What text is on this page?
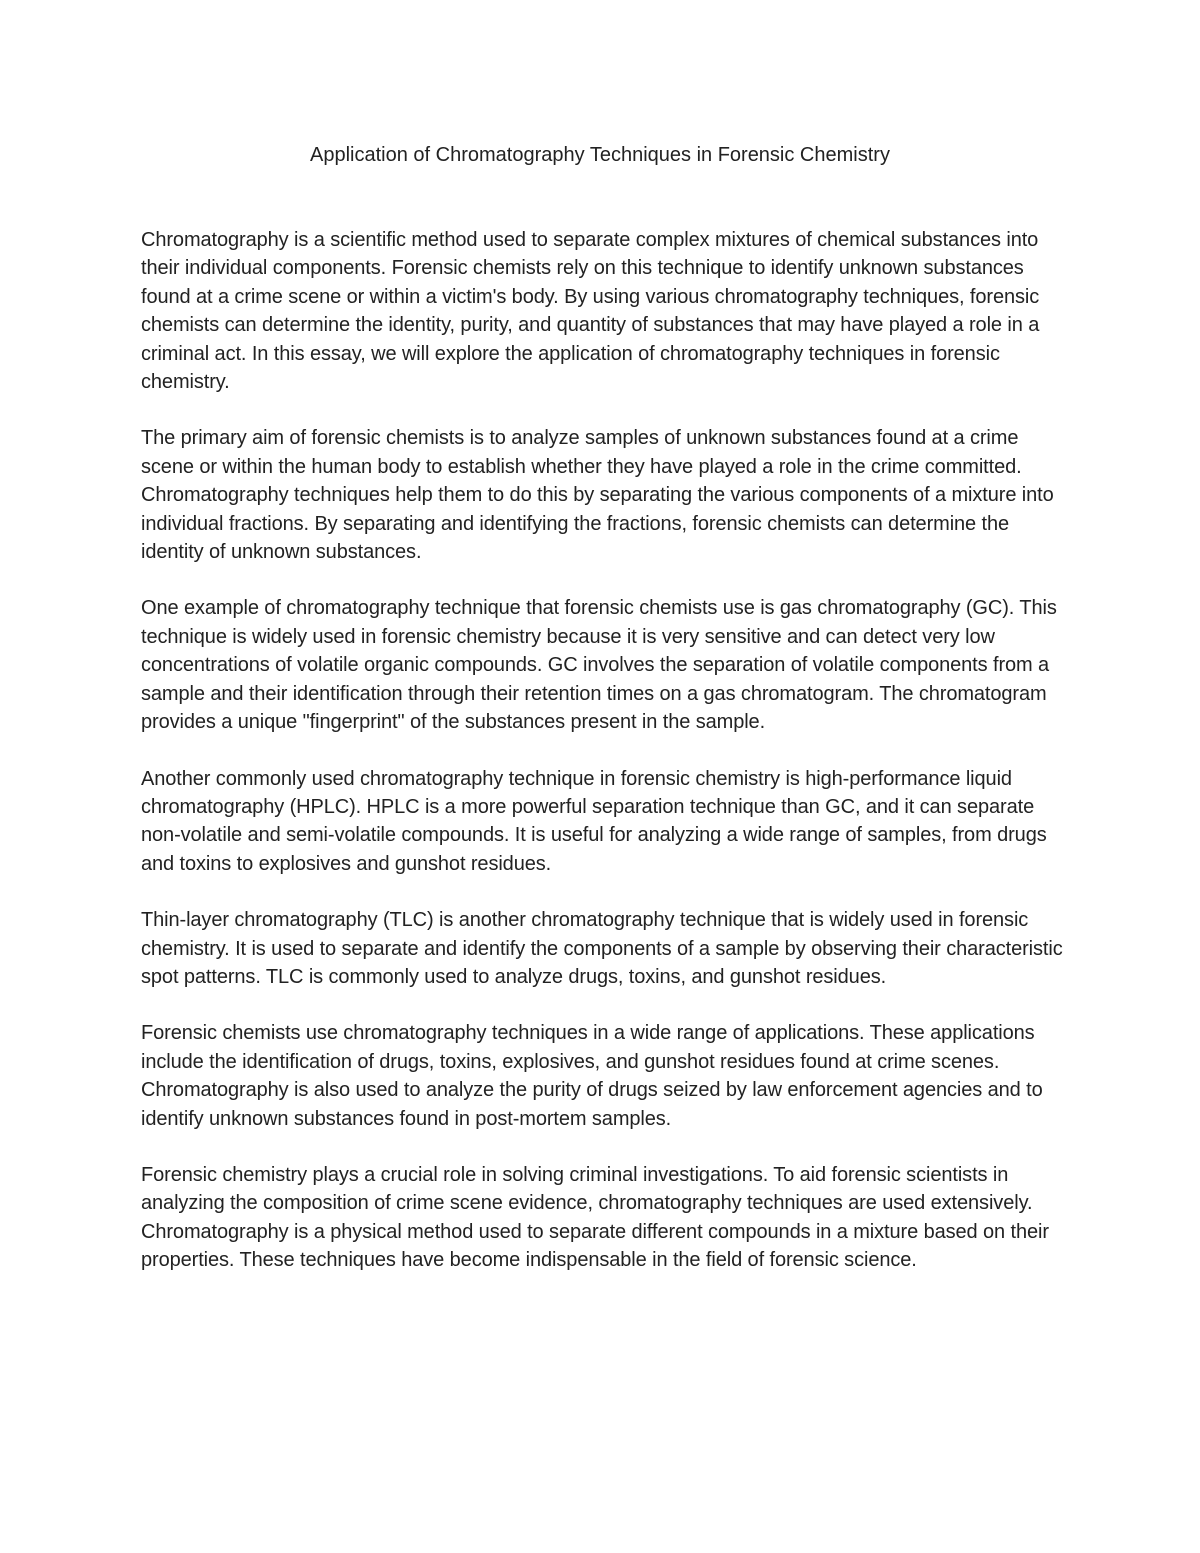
Application of Chromatography Techniques in Forensic Chemistry

Chromatography is a scientific method used to separate complex mixtures of chemical substances into their individual components. Forensic chemists rely on this technique to identify unknown substances found at a crime scene or within a victim's body. By using various chromatography techniques, forensic chemists can determine the identity, purity, and quantity of substances that may have played a role in a criminal act. In this essay, we will explore the application of chromatography techniques in forensic chemistry.

The primary aim of forensic chemists is to analyze samples of unknown substances found at a crime scene or within the human body to establish whether they have played a role in the crime committed. Chromatography techniques help them to do this by separating the various components of a mixture into individual fractions. By separating and identifying the fractions, forensic chemists can determine the identity of unknown substances.

One example of chromatography technique that forensic chemists use is gas chromatography (GC). This technique is widely used in forensic chemistry because it is very sensitive and can detect very low concentrations of volatile organic compounds. GC involves the separation of volatile components from a sample and their identification through their retention times on a gas chromatogram. The chromatogram provides a unique "fingerprint" of the substances present in the sample.

Another commonly used chromatography technique in forensic chemistry is high-performance liquid chromatography (HPLC). HPLC is a more powerful separation technique than GC, and it can separate non-volatile and semi-volatile compounds. It is useful for analyzing a wide range of samples, from drugs and toxins to explosives and gunshot residues.

Thin-layer chromatography (TLC) is another chromatography technique that is widely used in forensic chemistry. It is used to separate and identify the components of a sample by observing their characteristic spot patterns. TLC is commonly used to analyze drugs, toxins, and gunshot residues.

Forensic chemists use chromatography techniques in a wide range of applications. These applications include the identification of drugs, toxins, explosives, and gunshot residues found at crime scenes. Chromatography is also used to analyze the purity of drugs seized by law enforcement agencies and to identify unknown substances found in post-mortem samples.

Forensic chemistry plays a crucial role in solving criminal investigations. To aid forensic scientists in analyzing the composition of crime scene evidence, chromatography techniques are used extensively. Chromatography is a physical method used to separate different compounds in a mixture based on their properties. These techniques have become indispensable in the field of forensic science.
